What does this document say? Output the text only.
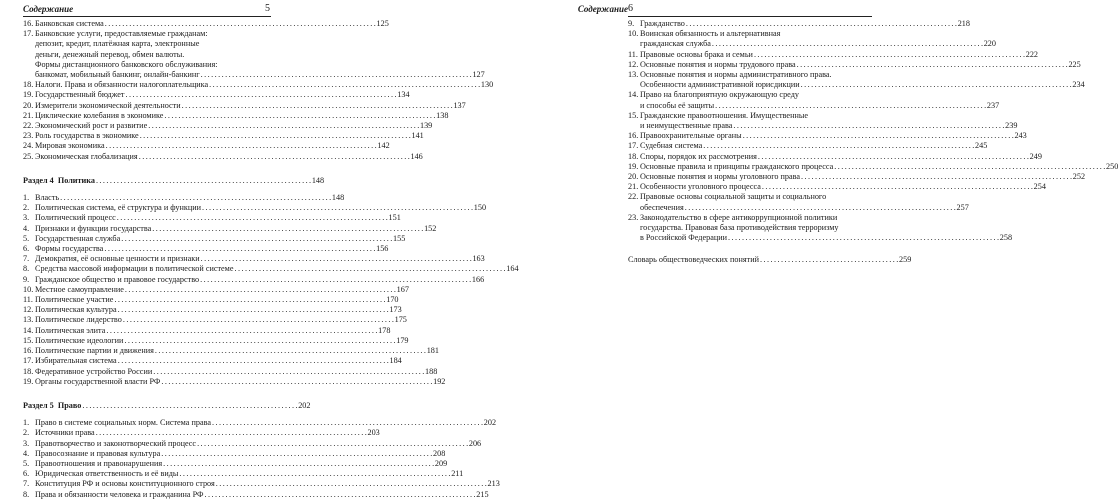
Содержание	5
16. Банковская система . . .	125
17. Банковские услуги, предоставляемые гражданам:
депозит, кредит, платёжная карта, электронные
деньги, денежный перевод, обмен валюты.
Формы дистанционного банковского обслуживания:
банкомат, мобильный банкинг, онлайн-банкинг . . .	127
18. Налоги. Права и обязанности налогоплательщика . . .	130
19. Государственный бюджет . . .	134
20. Измерители экономической деятельности . . .	137
21. Циклические колебания в экономике . . .	138
22. Экономический рост и развитие . . .	139
23. Роль государства в экономике . . .	141
24. Мировая экономика . . .	142
25. Экономическая глобализация . . .	146
Раздел 4 Политика . . .	148
1. Власть . . .	148
2. Политическая система, её структура и функции . . .	150
3. Политический процесс . . .	151
4. Признаки и функции государства . . .	152
5. Государственная служба . . .	155
6. Формы государства . . .	156
7. Демократия, её основные ценности и признаки . . .	163
8. Средства массовой информации в политической системе . . .	164
9. Гражданское общество и правовое государство . . .	166
10. Местное самоуправление . . .	167
11. Политическое участие . . .	170
12. Политическая культура . . .	173
13. Политическое лидерство . . .	175
14. Политическая элита . . .	178
15. Политические идеологии . . .	179
16. Политические партии и движения . . .	181
17. Избирательная система . . .	184
18. Федеративное устройство России . . .	188
19. Органы государственной власти РФ . . .	192
Раздел 5 Право . . .	202
1. Право в системе социальных норм. Система права . . .	202
2. Источники права . . .	203
3. Правотворчество и законотворческий процесс . . .	206
4. Правосознание и правовая культура . . .	208
5. Правоотношения и правонарушения . . .	209
6. Юридическая ответственность и её виды . . .	211
7. Конституция РФ и основы конституционного строя . . .	213
8. Права и обязанности человека и гражданина РФ . . .	215
6
Содержание
9. Гражданство . . .	218
10. Воинская обязанность и альтернативная
гражданская служба . . .	220
11. Правовые основы брака и семьи . . .	222
12. Основные понятия и нормы трудового права . . .	225
13. Основные понятия и нормы административного права.
Особенности административной юрисдикции . . .	234
14. Право на благоприятную окружающую среду
и способы её защиты . . .	237
15. Гражданские правоотношения. Имущественные
и неимущественные права . . .	239
16. Правоохранительные органы . . .	243
17. Судебная система . . .	245
18. Споры, порядок их рассмотрения . . .	249
19. Основные правила и принципы гражданского процесса . . .	250
20. Основные понятия и нормы уголовного права . . .	252
21. Особенности уголовного процесса . . .	254
22. Правовые основы социальной защиты и социального
обеспечения . . .	257
23. Законодательство в сфере антикоррупционной политики
государства. Правовая база противодействия терроризму
в Российской Федерации . . .	258
Словарь обществоведческих понятий . . .	259
